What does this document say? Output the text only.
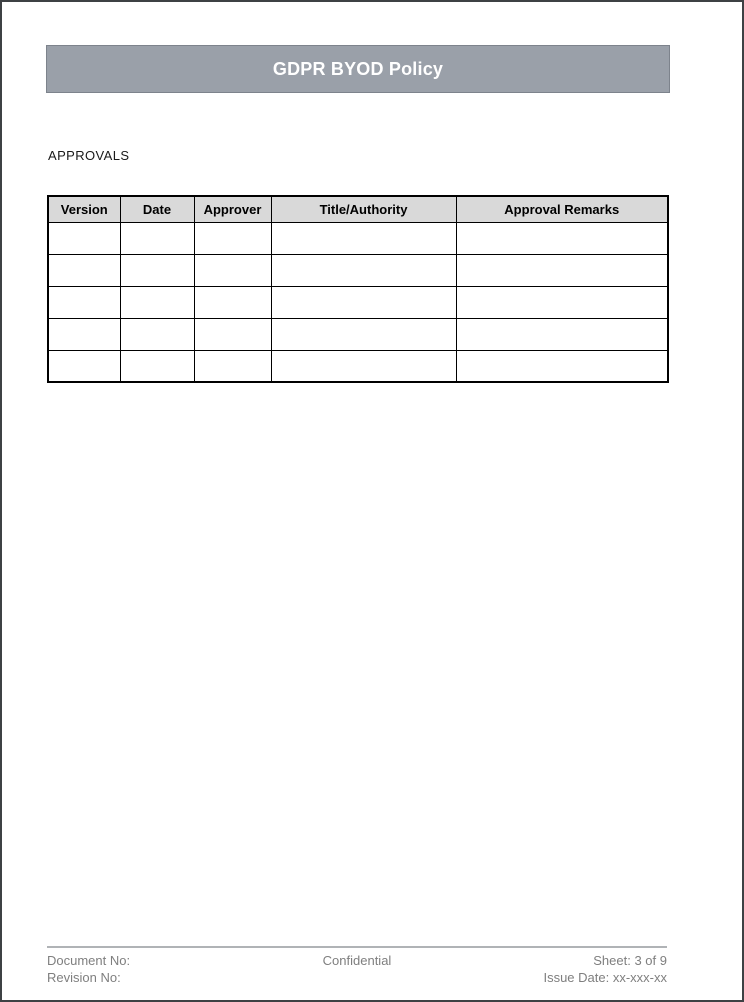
GDPR BYOD Policy
APPROVALS
Version	Date	Approver	Title/Authority	Approval Remarks

Document No:
Revision No:
Confidential	Sheet: 3 of 9
Issue Date: xx-xxx-xx
